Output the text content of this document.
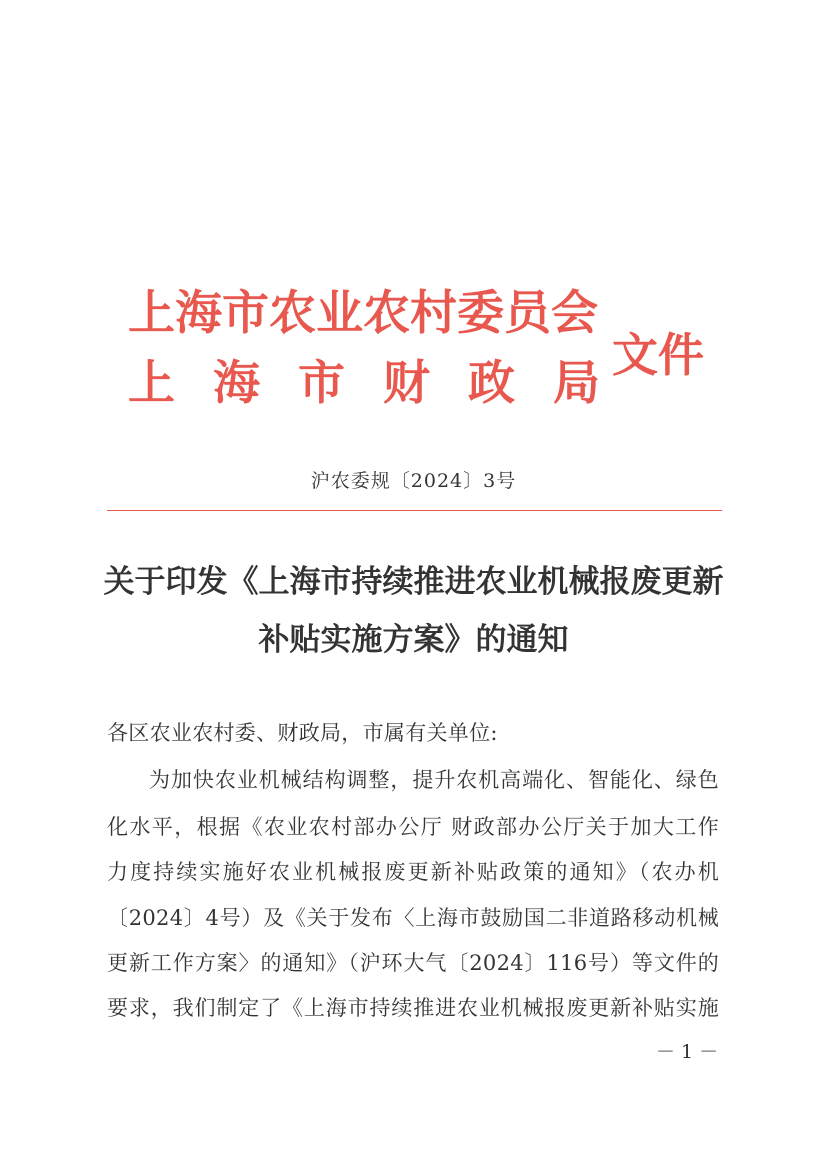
上海市农业农村委员会
上 海 市 财 政 局
文件
沪农委规〔2024〕3号
关于印发《上海市持续推进农业机械报废更新
补贴实施方案》的通知
各区农业农村委、财政局，市属有关单位:
为加快农业机械结构调整，提升农机高端化、智能化、绿色
化水平，根据《农业农村部办公厅 财政部办公厅关于加大工作
力度持续实施好农业机械报废更新补贴政策的通知》（农办机
〔2024〕4号）及《关于发布〈上海市鼓励国二非道路移动机械
更新工作方案〉的通知》（沪环大气〔2024〕116号）等文件的
要求，我们制定了《上海市持续推进农业机械报废更新补贴实施
－ 1 －
